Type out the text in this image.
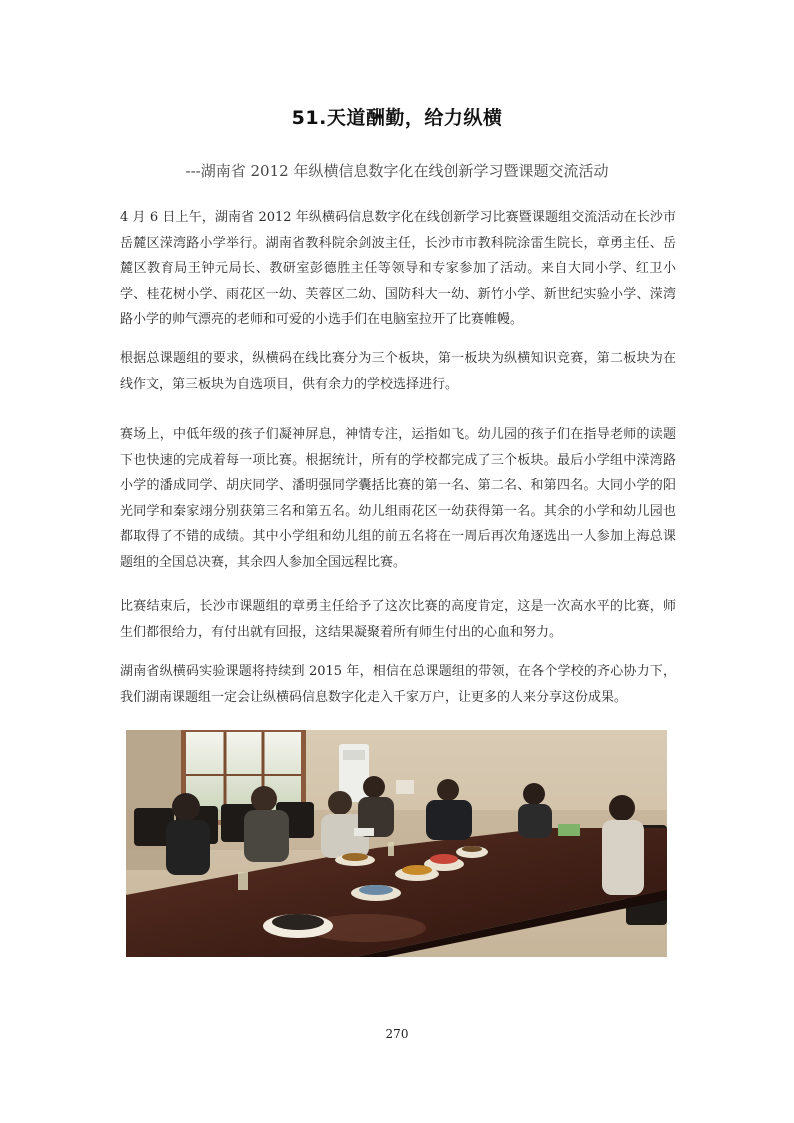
51.天道酬勤，给力纵横
---湖南省 2012 年纵横信息数字化在线创新学习暨课题交流活动

4 月 6 日上午，湖南省 2012 年纵横码信息数字化在线创新学习比赛暨课题组交流活动在长沙市岳麓区溁湾路小学举行。湖南省教科院余剑波主任，长沙市市教科院涂雷生院长，章勇主任、岳麓区教育局王钟元局长、教研室彭德胜主任等领导和专家参加了活动。来自大同小学、红卫小学、桂花树小学、雨花区一幼、芙蓉区二幼、国防科大一幼、新竹小学、新世纪实验小学、溁湾路小学的帅气漂亮的老师和可爱的小选手们在电脑室拉开了比赛帷幔。

根据总课题组的要求，纵横码在线比赛分为三个板块，第一板块为纵横知识竞赛，第二板块为在线作文，第三板块为自选项目，供有余力的学校选择进行。

赛场上，中低年级的孩子们凝神屏息，神情专注，运指如飞。幼儿园的孩子们在指导老师的读题下也快速的完成着每一项比赛。根据统计，所有的学校都完成了三个板块。最后小学组中溁湾路小学的潘成同学、胡庆同学、潘明强同学囊括比赛的第一名、第二名、和第四名。大同小学的阳光同学和秦家翊分别获第三名和第五名。幼儿组雨花区一幼获得第一名。其余的小学和幼儿园也都取得了不错的成绩。其中小学组和幼儿组的前五名将在一周后再次角逐选出一人参加上海总课题组的全国总决赛，其余四人参加全国远程比赛。

比赛结束后，长沙市课题组的章勇主任给予了这次比赛的高度肯定，这是一次高水平的比赛，师生们都很给力，有付出就有回报，这结果凝聚着所有师生付出的心血和努力。

湖南省纵横码实验课题将持续到 2015 年，相信在总课题组的带领，在各个学校的齐心协力下，我们湖南课题组一定会让纵横码信息数字化走入千家万户，让更多的人来分享这份成果。

270
